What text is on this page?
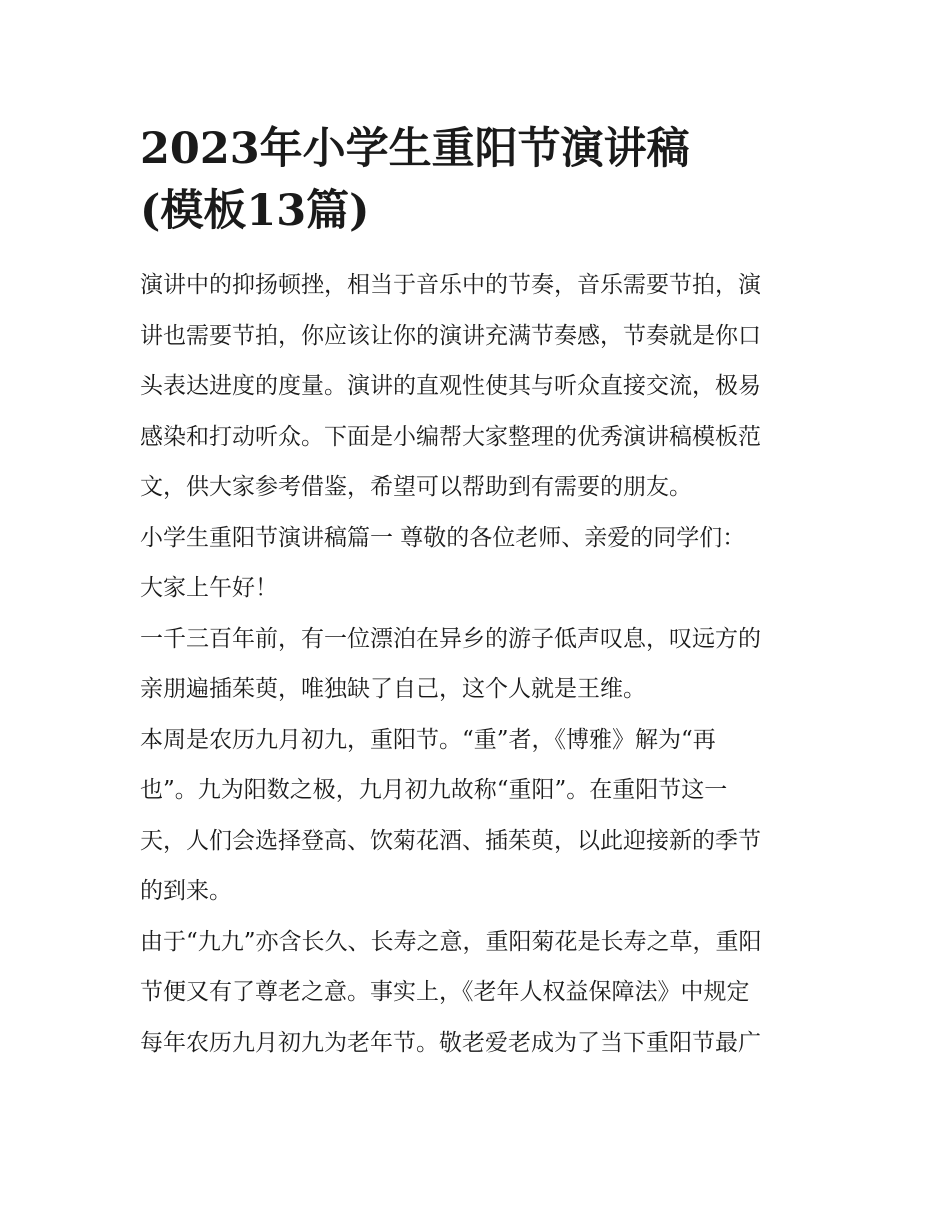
2023年小学生重阳节演讲稿
(模板13篇)

演讲中的抑扬顿挫，相当于音乐中的节奏，音乐需要节拍，演
讲也需要节拍，你应该让你的演讲充满节奏感，节奏就是你口
头表达进度的度量。演讲的直观性使其与听众直接交流，极易
感染和打动听众。下面是小编帮大家整理的优秀演讲稿模板范
文，供大家参考借鉴，希望可以帮助到有需要的朋友。

小学生重阳节演讲稿篇一 尊敬的各位老师、亲爱的同学们：

大家上午好！

一千三百年前，有一位漂泊在异乡的游子低声叹息，叹远方的
亲朋遍插茱萸，唯独缺了自己，这个人就是王维。

本周是农历九月初九，重阳节。“重”者，《博雅》解为“再
也”。九为阳数之极，九月初九故称“重阳”。在重阳节这一
天，人们会选择登高、饮菊花酒、插茱萸，以此迎接新的季节
的到来。

由于“九九”亦含长久、长寿之意，重阳菊花是长寿之草，重阳
节便又有了尊老之意。事实上，《老年人权益保障法》中规定
每年农历九月初九为老年节。敬老爱老成为了当下重阳节最广
